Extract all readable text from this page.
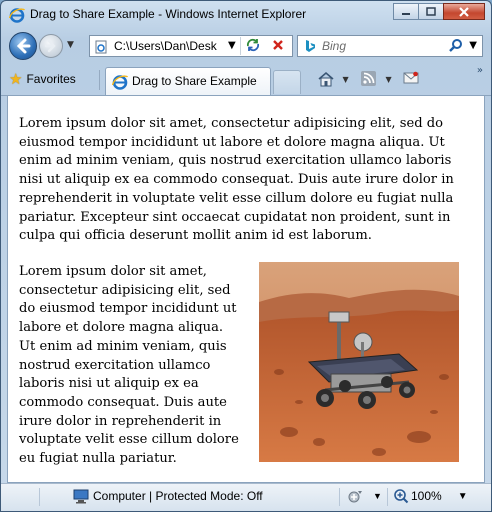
Drag to Share Example - Windows Internet Explorer
▼	C:\Users\Dan\Desk	▼	Bing	▼
★ Favorites	Drag to Share Example	▼	▼
»

Lorem ipsum dolor sit amet, consectetur adipisicing elit, sed do eiusmod tempor incididunt ut labore et dolore magna aliqua. Ut enim ad minim veniam, quis nostrud exercitation ullamco laboris nisi ut aliquip ex ea commodo consequat. Duis aute irure dolor in reprehenderit in voluptate velit esse cillum dolore eu fugiat nulla pariatur. Excepteur sint occaecat cupidatat non proident, sunt in culpa qui officia deserunt mollit anim id est laborum.

Lorem ipsum dolor sit amet, consectetur adipisicing elit, sed do eiusmod tempor incididunt ut labore et dolore magna aliqua. Ut enim ad minim veniam, quis nostrud exercitation ullamco laboris nisi ut aliquip ex ea commodo consequat. Duis aute irure dolor in reprehenderit in voluptate velit esse cillum dolore eu fugiat nulla pariatur.

Computer | Protected Mode: Off	▼ 100% ▼
